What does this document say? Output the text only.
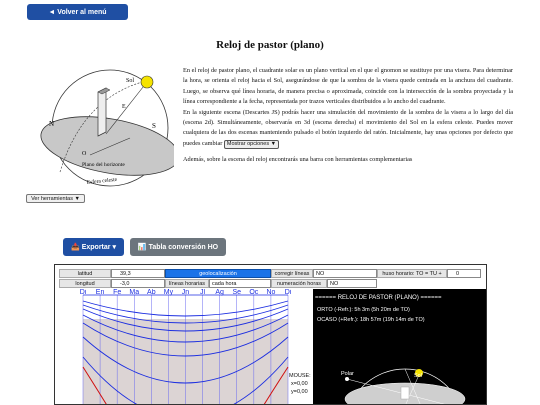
◄ Volver al menú
Reloj de pastor (plano)
Sol
N	S
E
O
Plano del horizonte
Esfera celeste

En el reloj de pastor plano, el cuadrante solar es un plano vertical en el que el gnomon se sustituye por una visera. Para determinar la hora, se orienta el reloj hacia el Sol, asegurándose de que la sombra de la visera quede centrada en la anchura del cuadrante. Luego, se observa qué línea horaria, de manera precisa o aproximada, coincide con la intersección de la sombra proyectada y la línea correspondiente a la fecha, representada por trazos verticales distribuidos a lo ancho del cuadrante.

En la siguiente escena (Descartes JS) podrás hacer una simulación del movimiento de la sombra de la visera a lo largo del día (escena 2d). Simultáneamente, observarás en 3d (escena derecha) el movimiento del Sol en la esfera celeste. Puedes mover cualquiera de las dos escenas manteniendo pulsado el botón izquierdo del ratón. Inicialmente, hay unas opciones por defecto que puedes cambiar Mostrar opciones ▼

Además, sobre la escena del reloj encontrarás una barra con herramientas complementarias

Ver herramientas ▼
📥 Exportar ▾	📊 Tabla conversión HO
latitud	39,3	geolocalización	corregir líneas	NO	huso horario: TO = TU +	0
longitud	-3,0	líneas horarias	cada hora	numeración horas	NO
Di En Fe Ma Ab My Jn Jl Ag Se Oc No Di
MOUSE:
x=0,00
y=0,00
====== RELOJ DE PASTOR (PLANO) ======
ORTO (-Refr.): 5h 3m (5h 20m de TO)
OCASO (+Refr.): 18h 57m (19h 14m de TO)
Polar	Sol
